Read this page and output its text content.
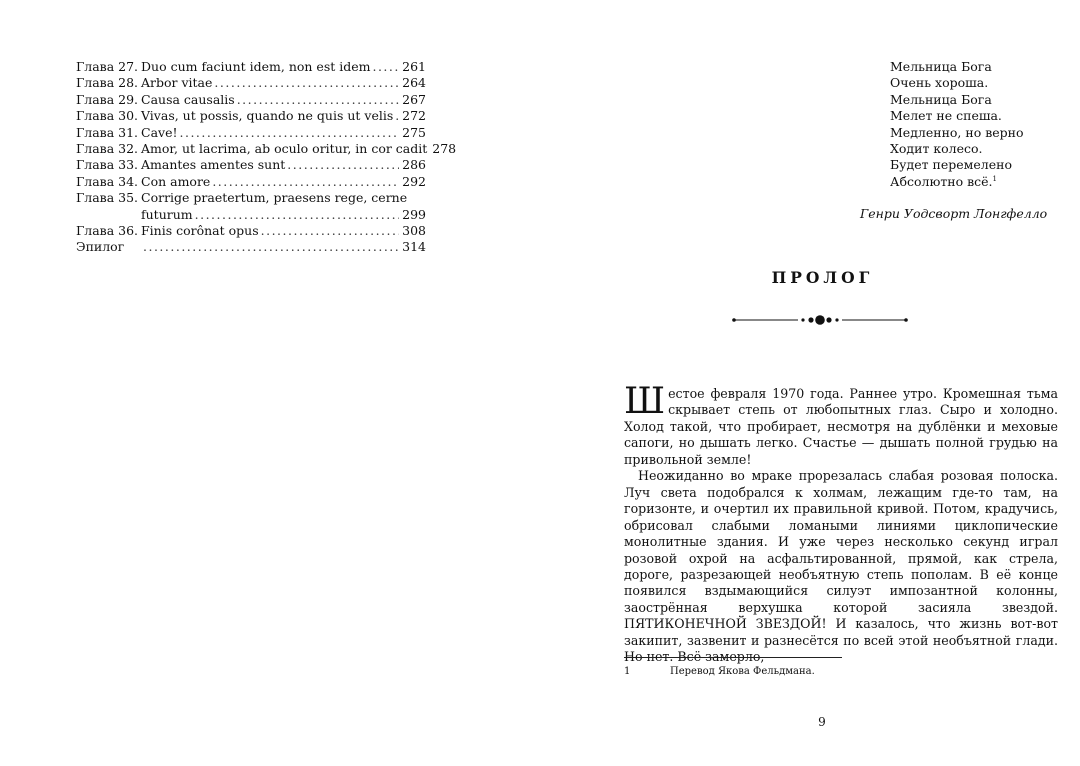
Глава 27. Duo cum faciunt idem, non est idem .....	261
Глава 28. Arbor vitae .....	264
Глава 29. Causa causalis .....	267
Глава 30. Vivas, ut possis, quando ne quis ut velis ..... 272
Глава 31. Cave! .....	275
Глава 32. Amor, ut lacrima, ab oculo oritur, in cor cadit 278
Глава 33. Amantes amentes sunt .....	286
Глава 34. Con amore .....	292
Глава 35. Corrige praetertum, praesens rege, cerne
futurum .....	299
Глава 36. Finis corônat opus .....	308
Эпилог .....	314
Мельница Бога
Очень хороша.
Мельница Бога
Мелет не спеша.
Медленно, но верно
Ходит колесо.
Будет перемелено
Абсолютно всё.$^1$
Генри Уодсворт Лонгфелло
ПРОЛОГ

Шестое февраля 1970 года. Раннее утро. Кромешная тьма скрывает степь от любопытных глаз. Сыро и холодно. Холод такой, что пробирает, несмотря на дублёнки и меховые сапоги, но дышать легко. Счастье — дышать полной грудью на привольной земле!

Неожиданно во мраке прорезалась слабая розовая полоска. Луч света подобрался к холмам, лежащим где-то там, на горизонте, и очертил их правильной кривой. Потом, крадучись, обрисовал слабыми ломаными линиями циклопические монолитные здания. И уже через несколько секунд играл розовой охрой на асфальтированной, прямой, как стрела, дороге, разрезающей необъятную степь пополам. В её конце появился вздымающийся силуэт импозантной колонны, заострённая верхушка которой засияла звездой. ПЯТИКОНЕЧНОЙ ЗВЕЗДОЙ! И казалось, что жизнь вот-вот закипит, зазвенит и разнесётся по всей этой необъятной глади. Но нет. Всё замерло,

1	Перевод Якова Фельдмана.
9
